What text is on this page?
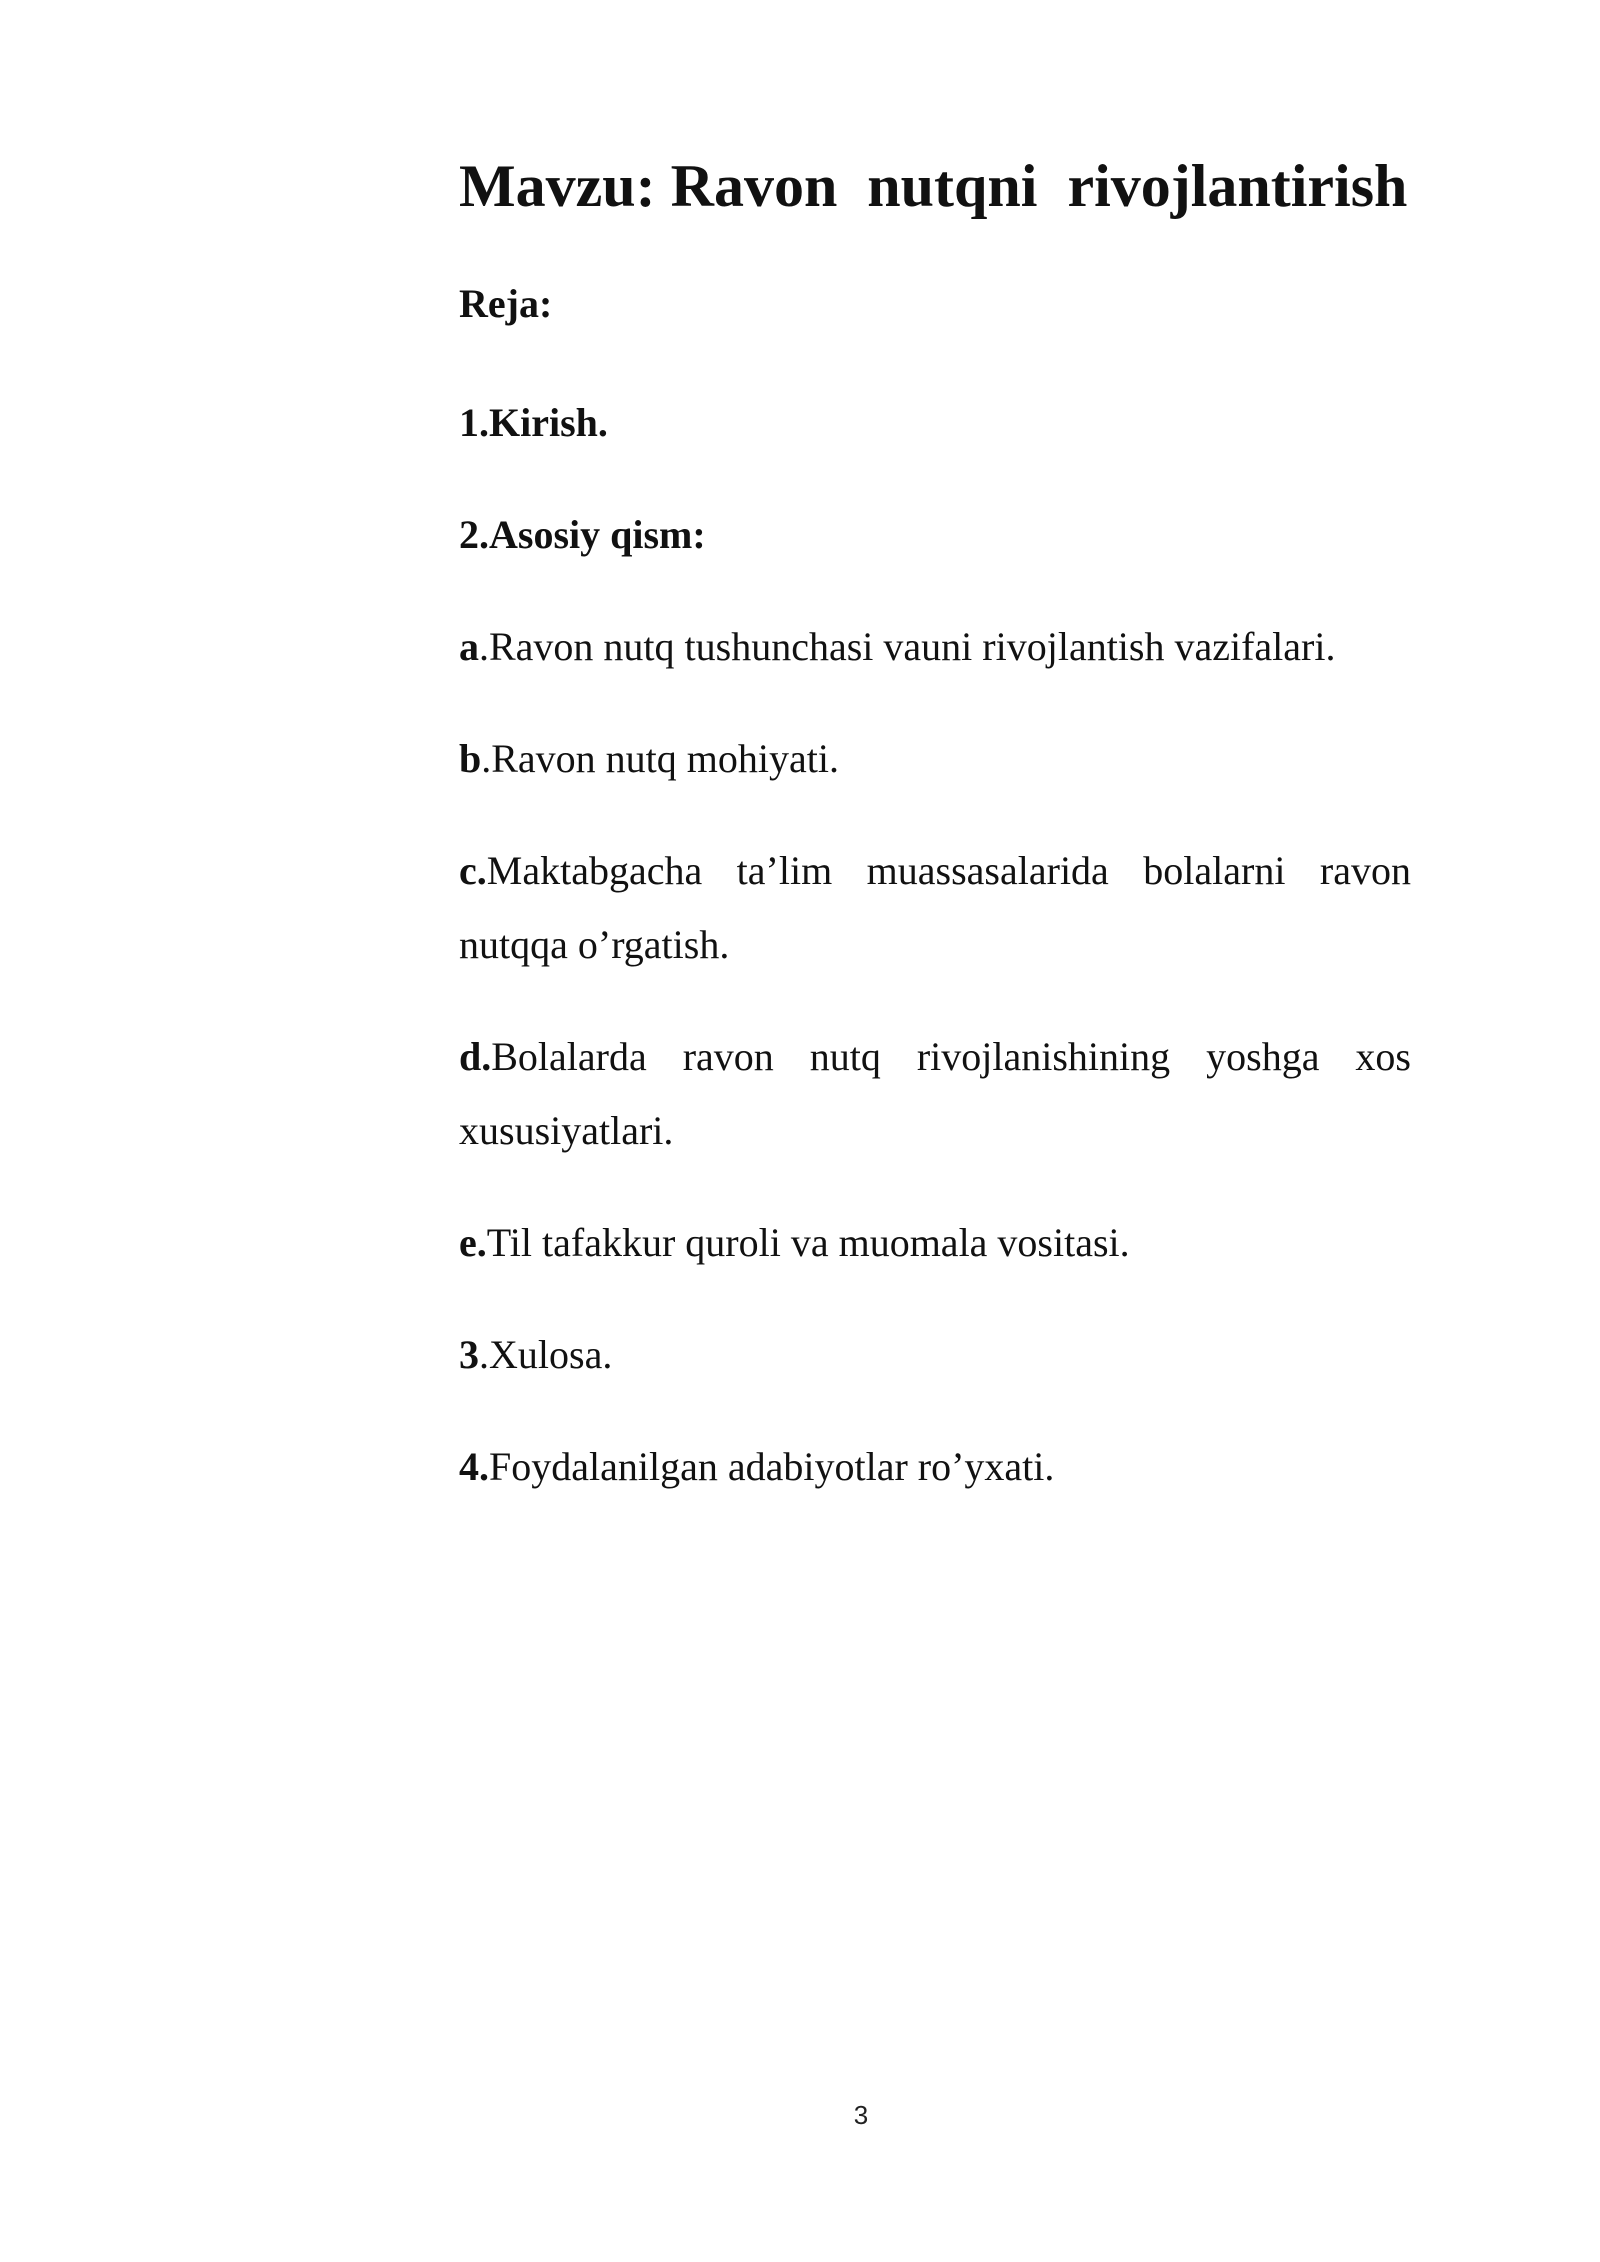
Mavzu: Ravon  nutqni  rivojlantirish
Reja:
1.Kirish.
2.Asosiy qism:
a.Ravon nutq tushunchasi vauni rivojlantish vazifalari.
b.Ravon nutq mohiyati.
c.Maktabgacha ta’lim muassasalarida bolalarni ravon nutqqa o’rgatish.
d.Bolalarda ravon nutq rivojlanishining yoshga xos xususiyatlari.
e.Til tafakkur quroli va muomala vositasi.
3.Xulosa.
4.Foydalanilgan adabiyotlar ro’yxati.
3
